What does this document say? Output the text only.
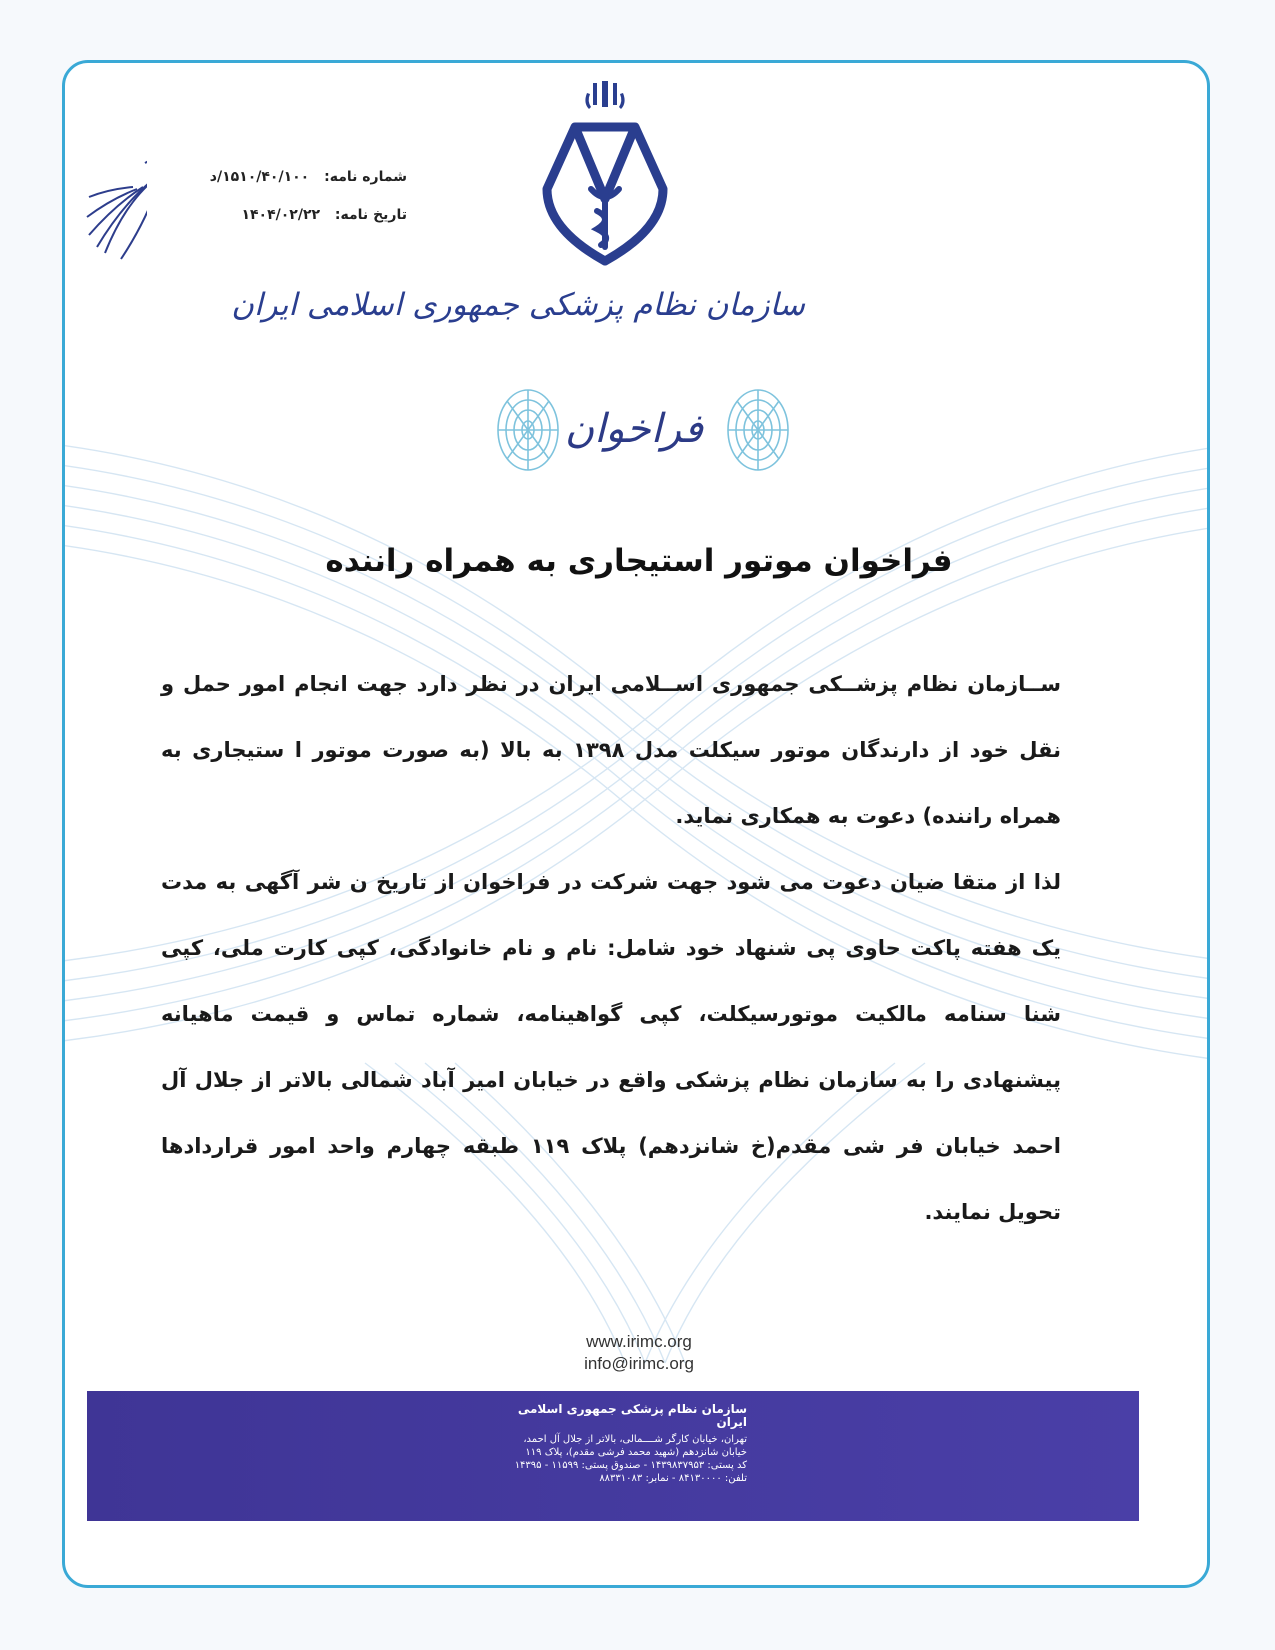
شماره نامه: ۱۵۱۰/۴۰/۱۰۰/د
تاریخ نامه: ۱۴۰۴/۰۲/۲۲
سازمان نظام پزشکی جمهوری اسلامی ایران
فراخوان
فراخوان موتور استیجاری به همراه راننده

ســازمان نظام پزشــکی جمهوری اســلامی ایران در نظر دارد جهت انجام امور حمل و نقل خود از دارندگان موتور سیکلت مدل ۱۳۹۸ به بالا (به صورت موتور ا ستیجاری به همراه راننده) دعوت به همکاری نماید.

لذا از متقا ضیان دعوت می شود جهت شرکت در فراخوان از تاریخ ن شر آگهی به مدت یک هفته پاکت حاوی پی شنهاد خود شامل: نام و نام خانوادگی، کپی کارت ملی، کپی شنا سنامه مالکیت موتورسیکلت، کپی گواهینامه، شماره تماس و قیمت ماهیانه پیشنهادی را به سازمان نظام پزشکی واقع در خیابان امیر آباد شمالی بالاتر از جلال آل احمد خیابان فر شی مقدم(خ شانزدهم) پلاک ۱۱۹ طبقه چهارم واحد امور قراردادها تحویل نمایند.

www.irimc.org
info@irimc.org
سازمان نظام پزشکی جمهوری اسلامی ایران
تهران، خیابان کارگر شــــمالی، بالاتر از جلال آل احمد،
خیابان شانزدهم (شهید محمد فرشی مقدم)، پلاک ۱۱۹
کد پستی: ۱۴۳۹۸۳۷۹۵۳ - صندوق پستی: ۱۱۵۹۹ - ۱۴۳۹۵
تلفن: ۸۴۱۳۰۰۰۰ - نمابر: ۸۸۳۳۱۰۸۳
